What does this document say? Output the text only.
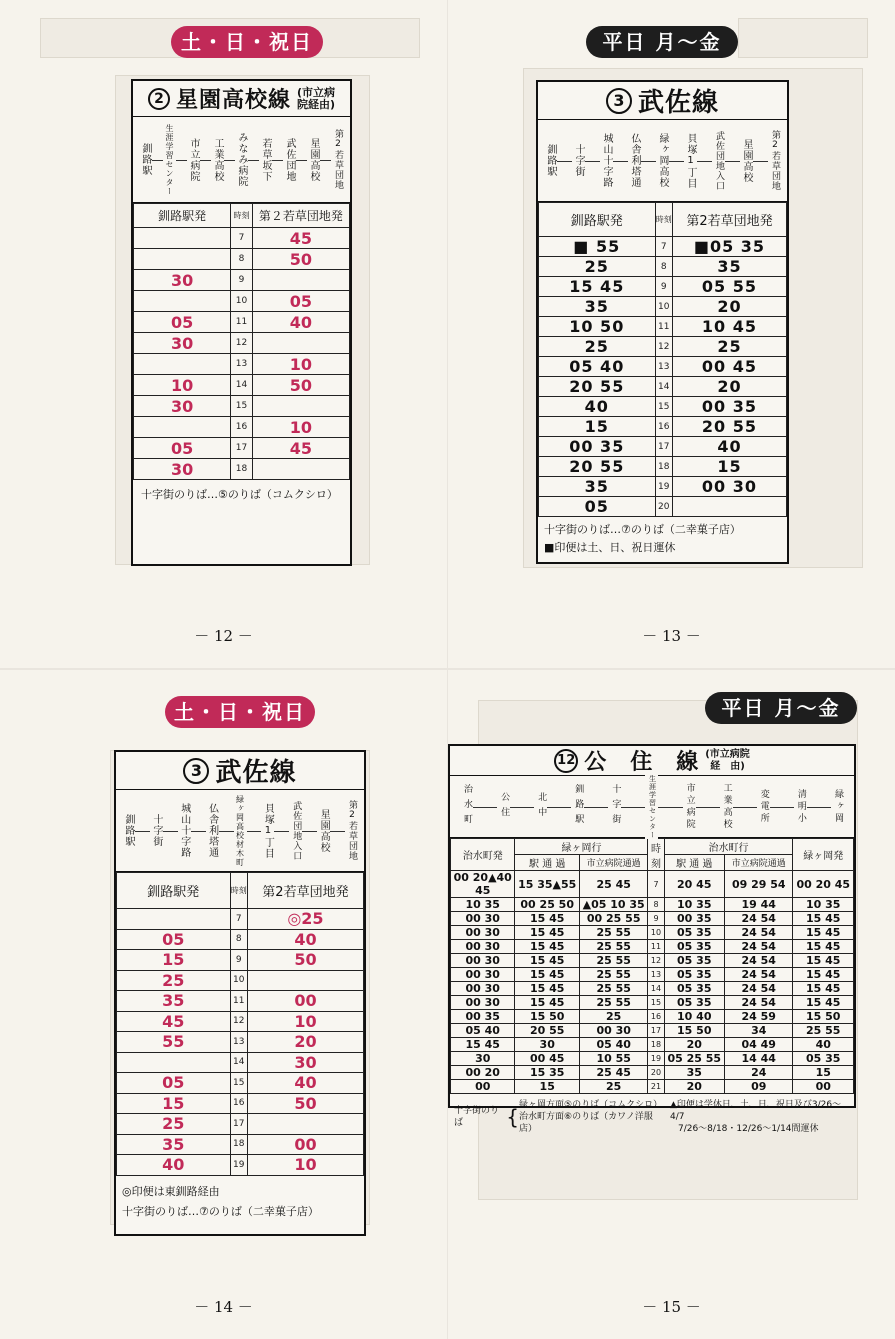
土・日・祝日
2 星園高校線 (市立病
院経由)
釧路駅 生涯学習センター 市立病院 工業高校 みなみ病院 若草坂下 武佐団地 星園高校 第2若草団地
釧路駅発	時刻	第２若草団地発
	7	45
	8	50
30	9	
	10	05
05	11	40
30	12	
	13	10
10	14	50
30	15	
	16	10
05	17	45
30	18	
十字街のりば…⑤のりば（コムクシロ）
－ 12 －
平日 月～金
3 武佐線
釧路駅 十字街 城山十字路 仏舎利塔通 緑ヶ岡高校 貝塚1丁目 武佐団地入口 星園高校 第2若草団地
釧路駅発	時刻	第2若草団地発
■ 55	7	■05 35
25	8	35
15 45	9	05 55
35	10	20
10 50	11	10 45
25	12	25
05 40	13	00 45
20 55	14	20
40	15	00 35
15	16	20 55
00 35	17	40
20 55	18	15
35	19	00 30
05	20	
十字街のりば…⑦のりば（二幸菓子店）
■印便は土、日、祝日運休
－ 13 －
土・日・祝日
3 武佐線
釧路駅 十字街 城山十字路 仏舎利塔通 緑ヶ岡高校材木町 貝塚1丁目 武佐団地入口 星園高校 第2若草団地
釧路駅発	時刻	第2若草団地発
	7	◎25
05	8	40
15	9	50
25	10	
35	11	00
45	12	10
55	13	20
	14	30
05	15	40
15	16	50
25	17	
35	18	00
40	19	10
◎印便は東釧路経由
十字街のりば…⑦のりば（二幸菓子店）
－ 14 －
平日 月～金
12 公　住　線 (市立病院
経　由)
治水町	公住	北中	釧路駅	十字街	生涯学習センター	市立病院	工業高校	変電所	清明小	緑ヶ岡
治水町発	緑ヶ岡行		時刻	治水町行		緑ヶ岡発
	駅 通 過	市立病院通過		駅 通 過	市立病院通過	
00 20▲40 45	15 35▲55	25 45	7	20 45	09 29 54	00 20 45
10 35	00 25 50	▲05 10 35	8	10 35	19 44	10 35
00 30	15 45	00 25 55	9	00 35	24 54	15 45
00 30	15 45	25 55	10	05 35	24 54	15 45
00 30	15 45	25 55	11	05 35	24 54	15 45
00 30	15 45	25 55	12	05 35	24 54	15 45
00 30	15 45	25 55	13	05 35	24 54	15 45
00 30	15 45	25 55	14	05 35	24 54	15 45
00 30	15 45	25 55	15	05 35	24 54	15 45
00 35	15 50	25	16	10 40	24 59	15 50
05 40	20 55	00 30	17	15 50	34	25 55
15 45	30	05 40	18	20	04 49	40
30	00 45	10 55	19	05 25 55	14 44	05 35
00 20	15 35	25 45	20	35	24	15
00	15	25	21	20	09	00
十字街のりば	{ 緑ヶ岡方面⑤のりば（コムクシロ）
治水町方面⑥のりば（カワノ洋服店）
▲印便は学休日、土、日、祝日及び3/26～4/7
7/26～8/18・12/26～1/14間運休
－ 15 －
